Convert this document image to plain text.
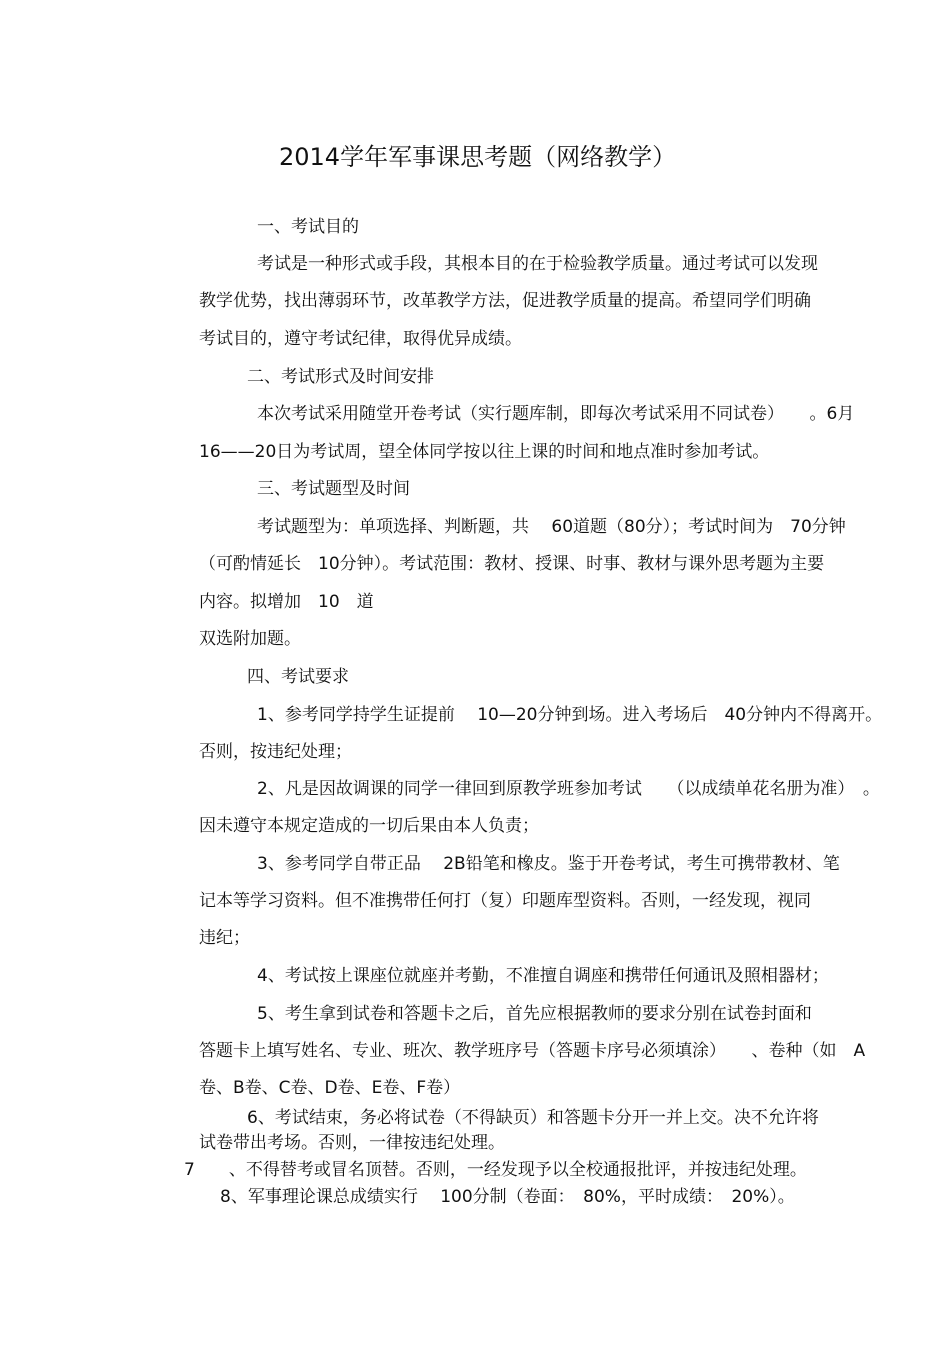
2014学年军事课思考题（网络教学）
一、考试目的
考试是一种形式或手段，其根本目的在于检验教学质量。通过考试可以发现
教学优势，找出薄弱环节，改革教学方法，促进教学质量的提高。希望同学们明确
考试目的，遵守考试纪律，取得优异成绩。
二、考试形式及时间安排
本次考试采用随堂开卷考试（实行题库制，即每次考试采用不同试卷）　　。6月
16——20日为考试周，望全体同学按以往上课的时间和地点准时参加考试。
三、考试题型及时间
考试题型为：单项选择、判断题，共　 60道题（80分）；考试时间为　70分钟
（可酌情延长　10分钟）。考试范围：教材、授课、时事、教材与课外思考题为主要
内容。拟增加　10　道
双选附加题。
四、考试要求
1、参考同学持学生证提前　 10—20分钟到场。进入考场后　40分钟内不得离开。
否则，按违纪处理；
2、凡是因故调课的同学一律回到原教学班参加考试　　（以成绩单花名册为准）　。
因未遵守本规定造成的一切后果由本人负责；
3、参考同学自带正品　 2B铅笔和橡皮。鉴于开卷考试，考生可携带教材、笔
记本等学习资料。但不准携带任何打（复）印题库型资料。否则，一经发现，视同
违纪；
4、考试按上课座位就座并考勤，不准擅自调座和携带任何通讯及照相器材；
5、考生拿到试卷和答题卡之后，首先应根据教师的要求分别在试卷封面和
答题卡上填写姓名、专业、班次、教学班序号（答题卡序号必须填涂）　　、卷种（如　A
卷、B卷、C卷、D卷、E卷、F卷）
6、考试结束，务必将试卷（不得缺页）和答题卡分开一并上交。决不允许将
试卷带出考场。否则，一律按违纪处理。
7　　、不得替考或冒名顶替。否则，一经发现予以全校通报批评，并按违纪处理。
8、军事理论课总成绩实行　 100分制（卷面：　80%，平时成绩：　20%）。
